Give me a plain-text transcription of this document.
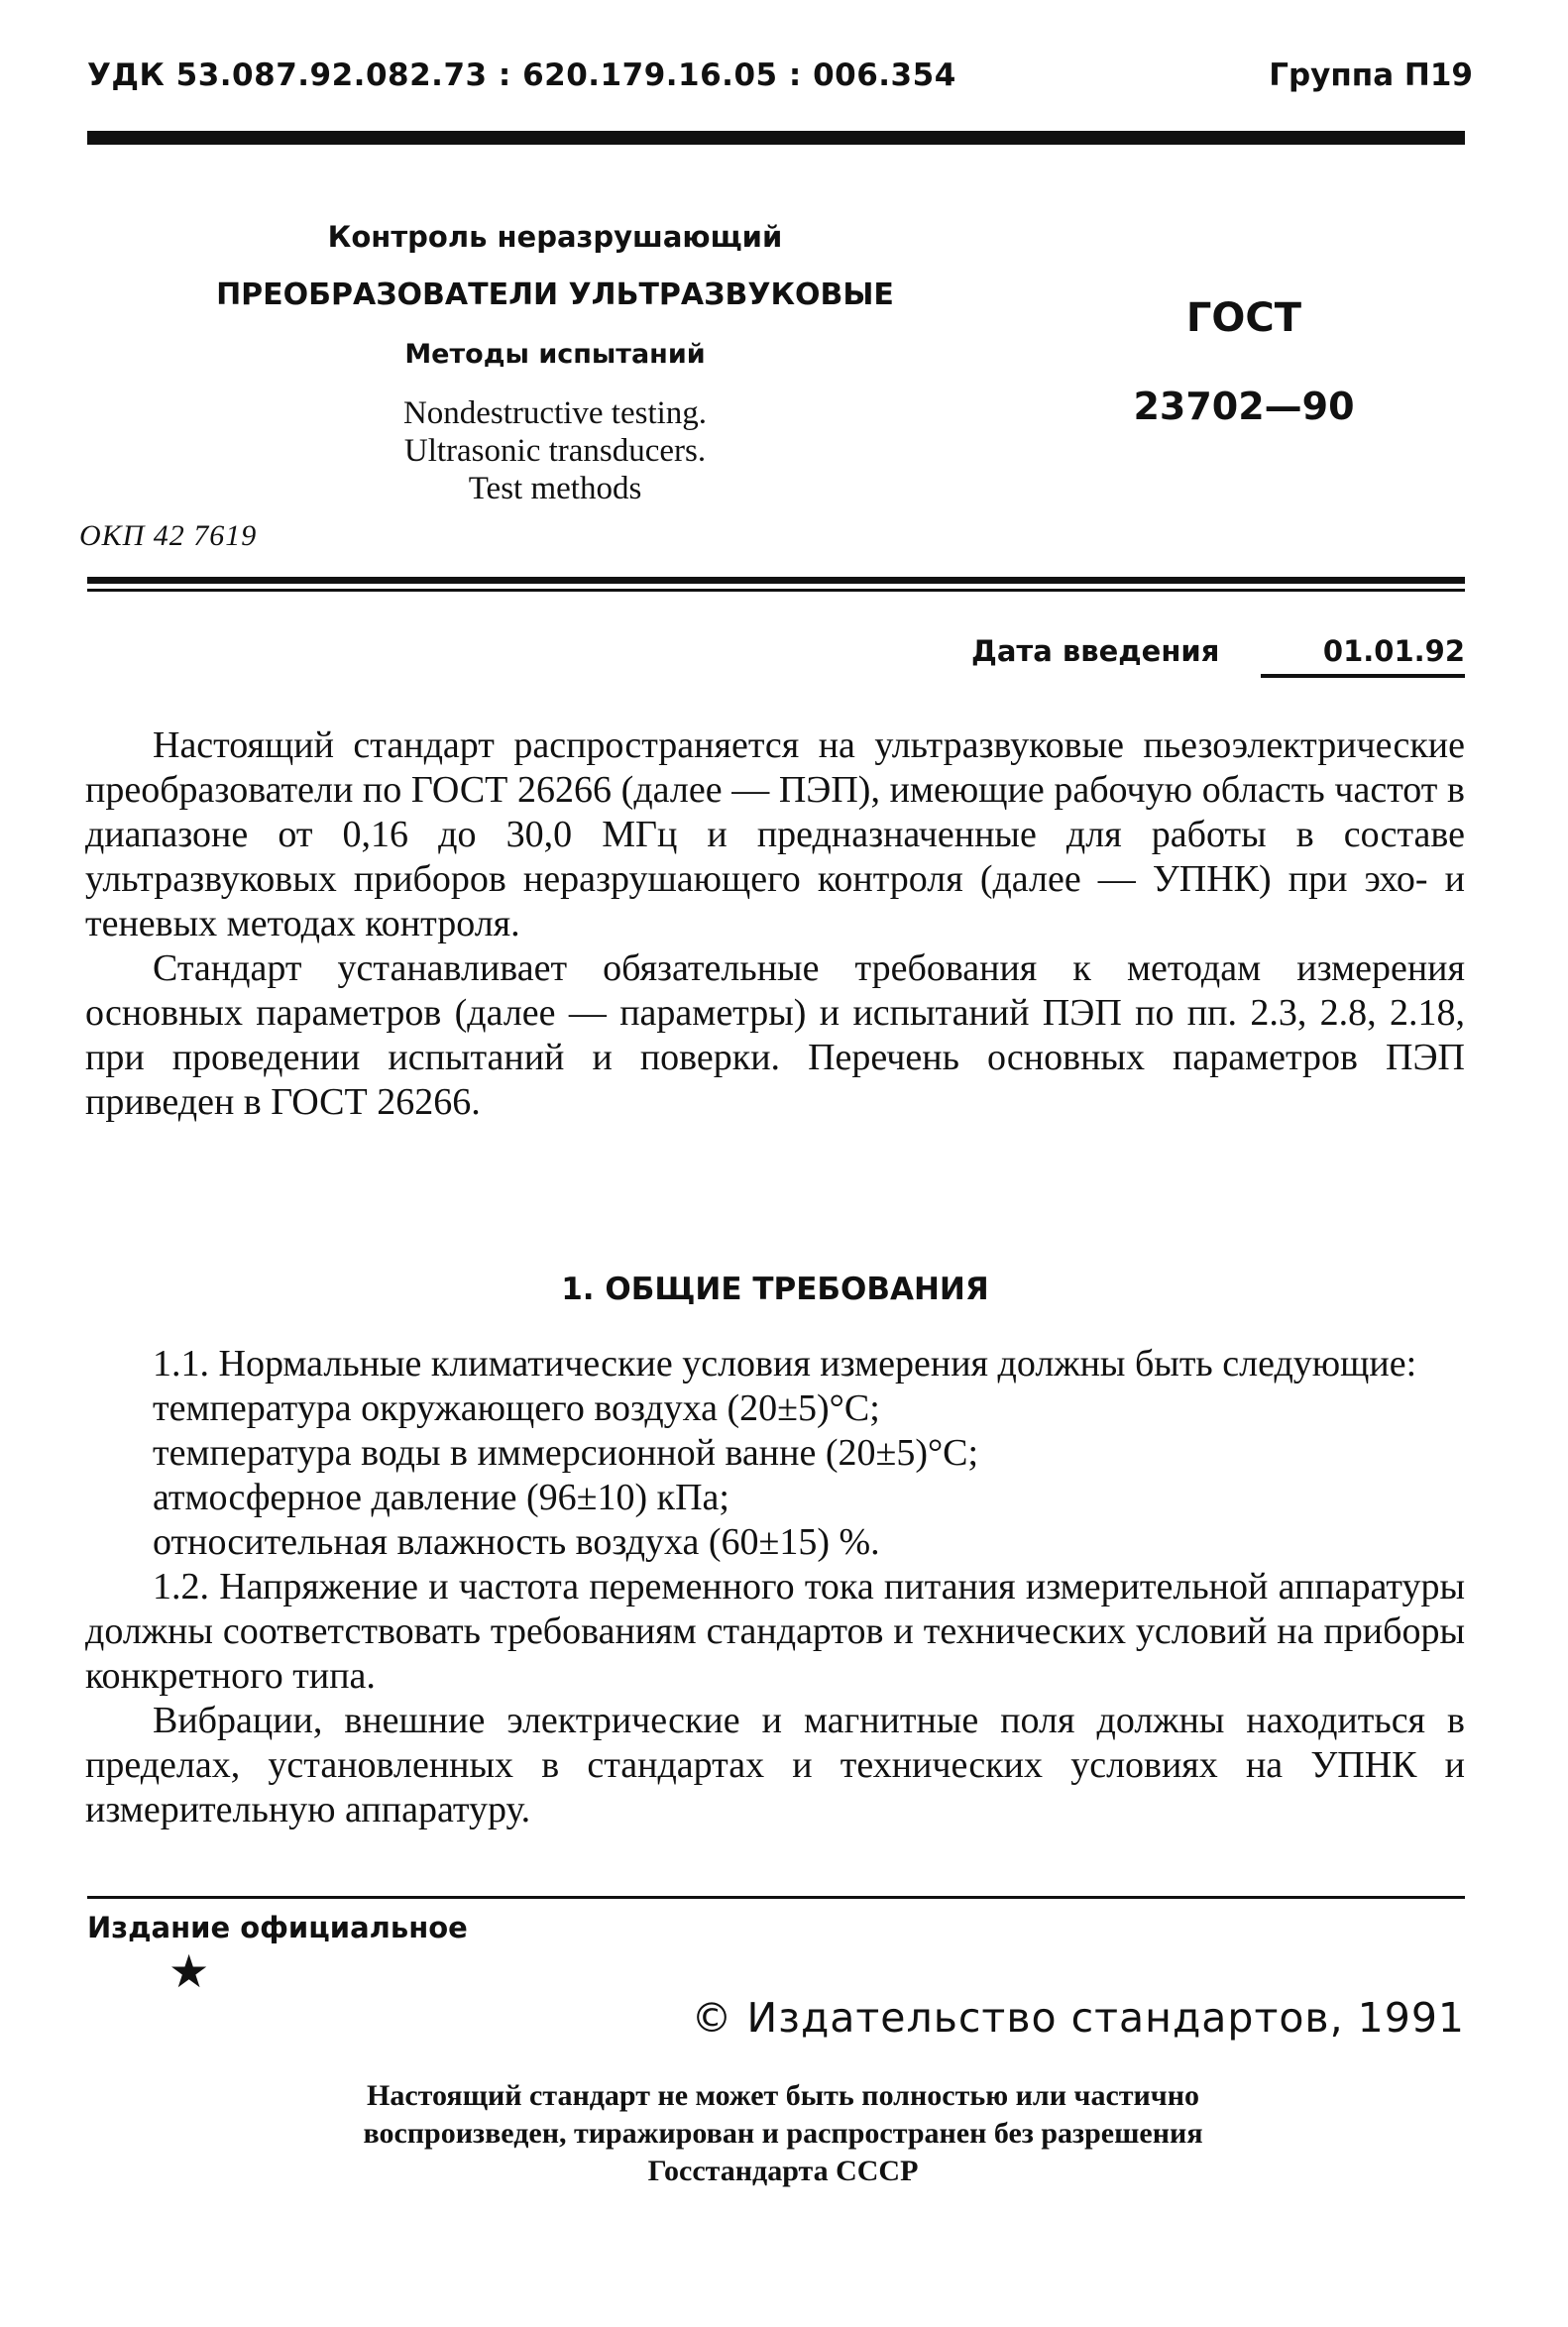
УДК 53.087.92.082.73 : 620.179.16.05 : 006.354	Группа П19
Контроль неразрушающий
ПРЕОБРАЗОВАТЕЛИ УЛЬТРАЗВУКОВЫЕ
Методы испытаний
Nondestructive testing.
Ultrasonic transducers.
Test methods
ГОСТ
23702—90
ОКП 42 7619
Дата введения	01.01.92

Настоящий стандарт распространяется на ультразвуковые пьезоэлектрические преобразователи по ГОСТ 26266 (далее — ПЭП), имеющие рабочую область частот в диапазоне от 0,16 до 30,0 МГц и предназначенные для работы в составе ультразвуковых приборов неразрушающего контроля (далее — УПНК) при эхо- и теневых методах контроля.

Стандарт устанавливает обязательные требования к методам измерения основных параметров (далее — параметры) и испытаний ПЭП по пп. 2.3, 2.8, 2.18, при проведении испытаний и поверки. Перечень основных параметров ПЭП приведен в ГОСТ 26266.

1. ОБЩИЕ ТРЕБОВАНИЯ

1.1. Нормальные климатические условия измерения должны быть следующие:

температура окружающего воздуха (20±5)°С;

температура воды в иммерсионной ванне (20±5)°С;

атмосферное давление (96±10) кПа;

относительная влажность воздуха (60±15) %.

1.2. Напряжение и частота переменного тока питания измерительной аппаратуры должны соответствовать требованиям стандартов и технических условий на приборы конкретного типа.

Вибрации, внешние электрические и магнитные поля должны находиться в пределах, установленных в стандартах и технических условиях на УПНК и измерительную аппаратуру.

Издание официальное
★
© Издательство стандартов, 1991
Настоящий стандарт не может быть полностью или частично
воспроизведен, тиражирован и распространен без разрешения
Госстандарта СССР
